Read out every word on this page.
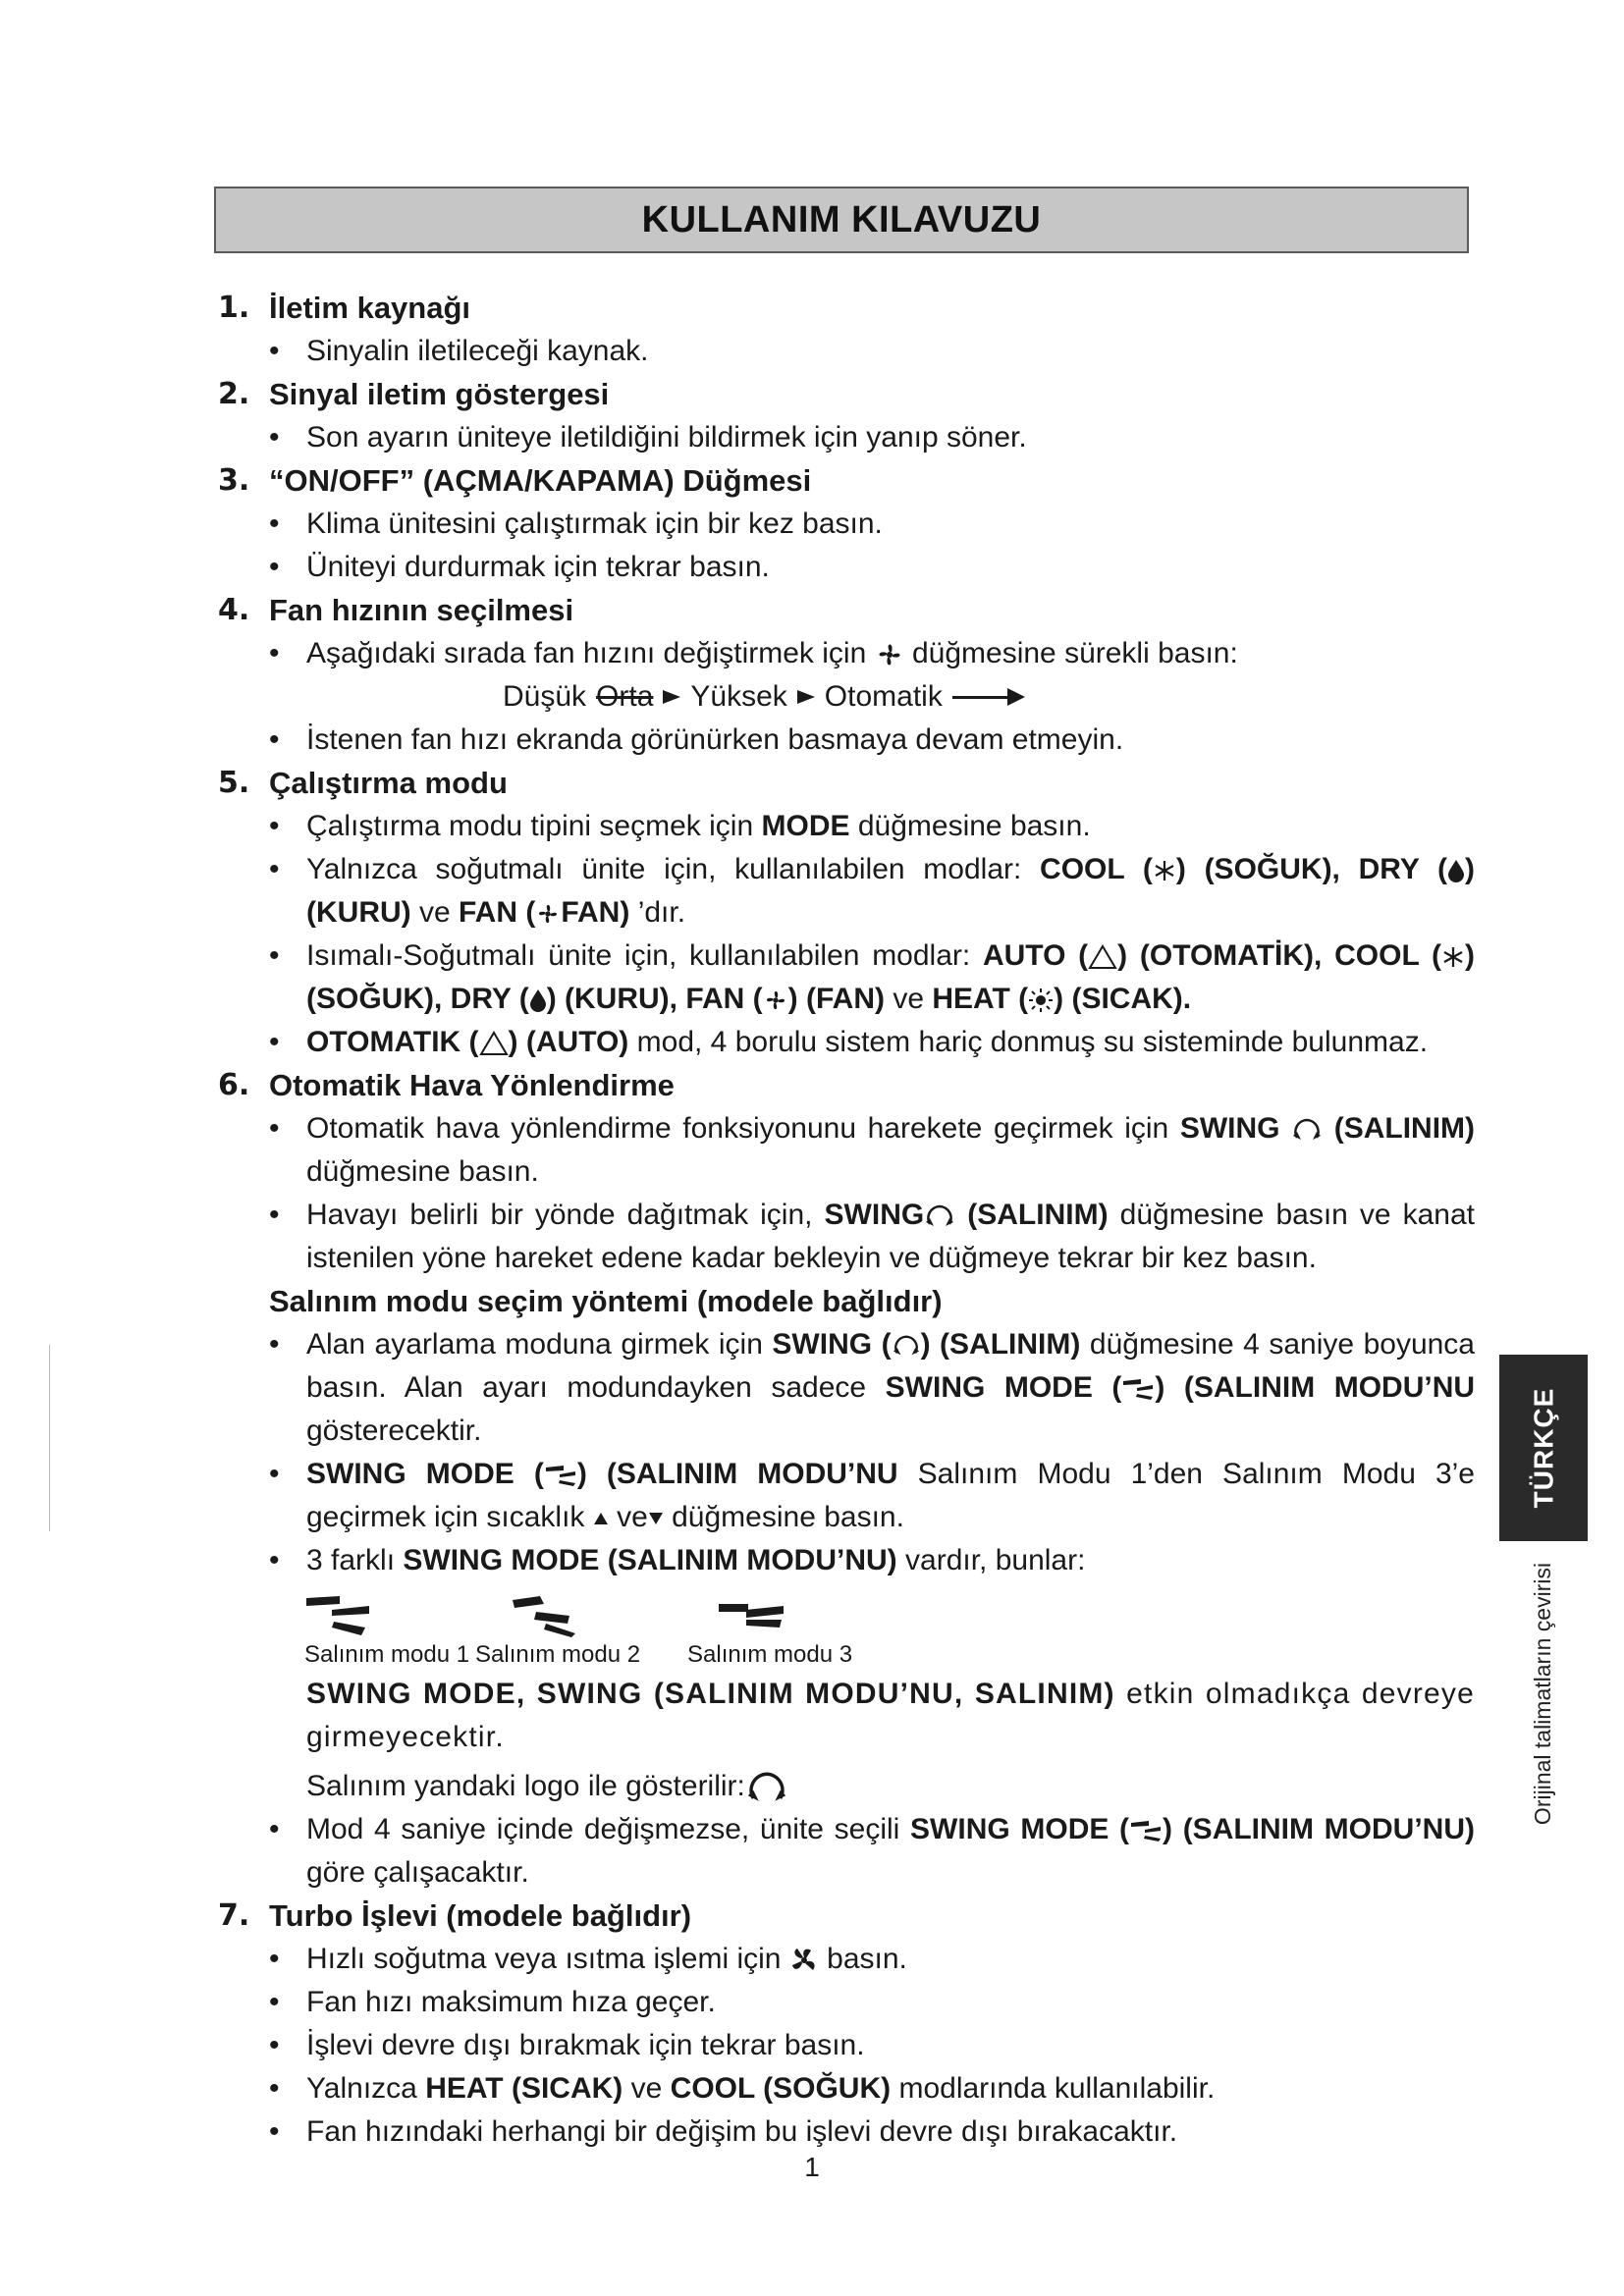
KULLANIM KILAVUZU
1. İletim kaynağı
• Sinyalin iletileceği kaynak.
2. Sinyal iletim göstergesi
• Son ayarın üniteye iletildiğini bildirmek için yanıp söner.
3. “ON/OFF” (AÇMA/KAPAMA) Düğmesi
• Klima ünitesini çalıştırmak için bir kez basın.
• Üniteyi durdurmak için tekrar basın.
4. Fan hızının seçilmesi
• Aşağıdaki sırada fan hızını değiştirmek için düğmesine sürekli basın:
Düşük Orta Yüksek Otomatik
• İstenen fan hızı ekranda görünürken basmaya devam etmeyin.
5. Çalıştırma modu
• Çalıştırma modu tipini seçmek için MODE düğmesine basın.
• Yalnızca soğutmalı ünite için, kullanılabilen modlar: COOL ( ) (SOĞUK), DRY ( ) (KURU) ve FAN ( FAN) ’dır.
• Isımalı-Soğutmalı ünite için, kullanılabilen modlar: AUTO ( ) (OTOMATİK), COOL ( ) (SOĞUK), DRY ( ) (KURU), FAN ( ) (FAN) ve HEAT ( ) (SICAK).
• OTOMATIK ( ) (AUTO) mod, 4 borulu sistem hariç donmuş su sisteminde bulunmaz.
6. Otomatik Hava Yönlendirme
• Otomatik hava yönlendirme fonksiyonunu harekete geçirmek için SWING (SALINIM) düğmesine basın.
• Havayı belirli bir yönde dağıtmak için, SWING (SALINIM) düğmesine basın ve kanat istenilen yöne hareket edene kadar bekleyin ve düğmeye tekrar bir kez basın.
Salınım modu seçim yöntemi (modele bağlıdır)
• Alan ayarlama moduna girmek için SWING ( ) (SALINIM) düğmesine 4 saniye boyunca basın. Alan ayarı modundayken sadece SWING MODE ( ) (SALINIM MODU’NU gösterecektir.
• SWING MODE ( ) (SALINIM MODU’NU Salınım Modu 1’den Salınım Modu 3’e geçirmek için sıcaklık ve düğmesine basın.
• 3 farklı SWING MODE (SALINIM MODU’NU) vardır, bunlar:
Salınım modu 1 Salınım modu 2	Salınım modu 3
SWING MODE, SWING (SALINIM MODU’NU, SALINIM) etkin olmadıkça devreye girmeyecektir.
Salınım yandaki logo ile gösterilir:
• Mod 4 saniye içinde değişmezse, ünite seçili SWING MODE ( ) (SALINIM MODU’NU) göre çalışacaktır.
7. Turbo İşlevi (modele bağlıdır)
• Hızlı soğutma veya ısıtma işlemi için basın.
• Fan hızı maksimum hıza geçer.
• İşlevi devre dışı bırakmak için tekrar basın.
• Yalnızca HEAT (SICAK) ve COOL (SOĞUK) modlarında kullanılabilir.
• Fan hızındaki herhangi bir değişim bu işlevi devre dışı bırakacaktır.
1
TÜRKÇE
Orijinal talimatların çevirisi
